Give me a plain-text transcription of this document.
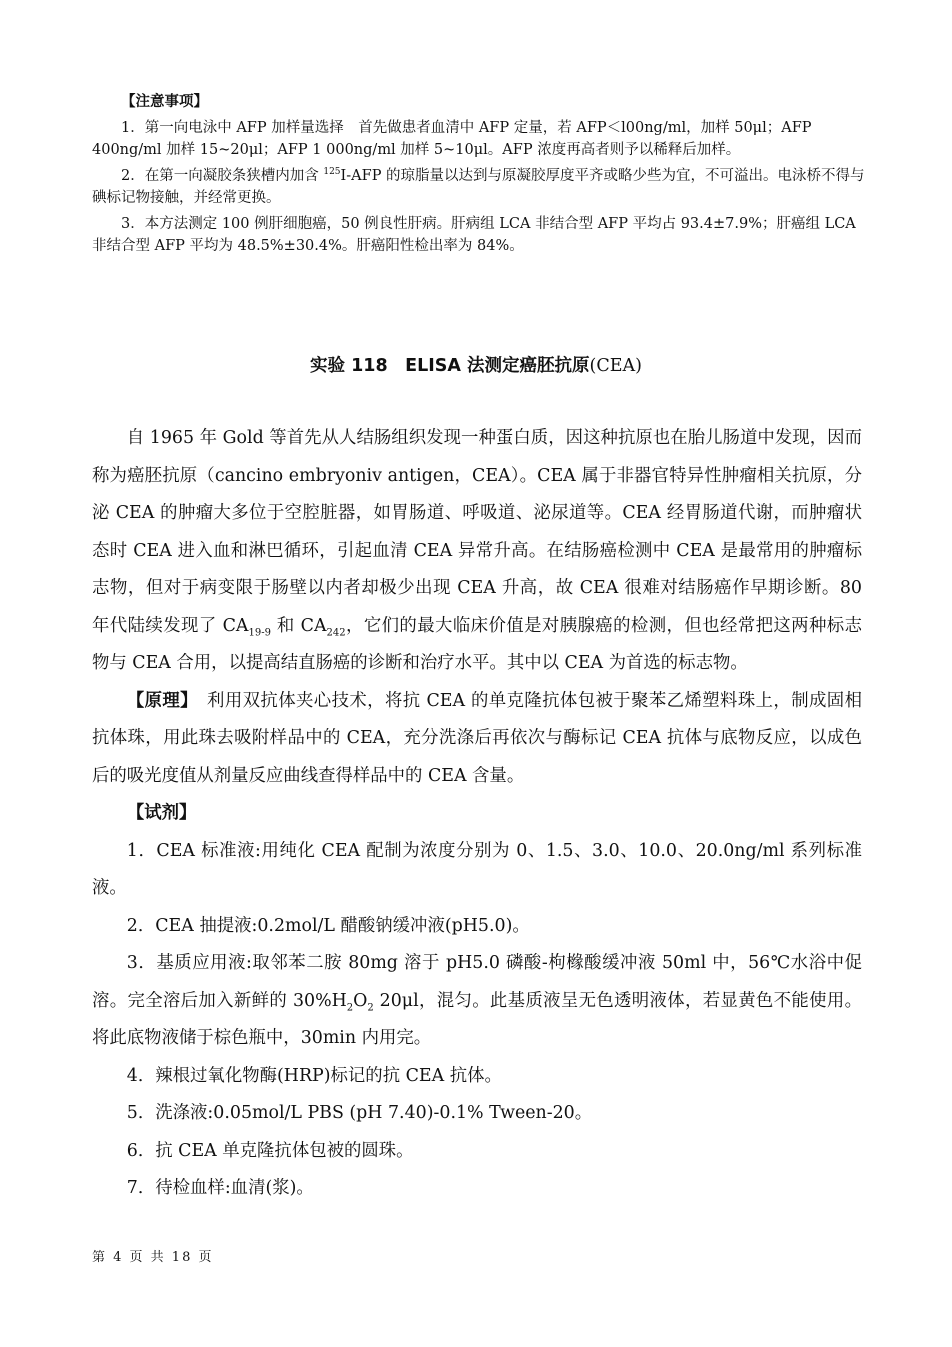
【注意事项】

1．第一向电泳中 AFP 加样量选择　首先做患者血清中 AFP 定量，若 AFP＜l00ng/ml，加样 50μl；AFP 400ng/ml 加样 15~20μl；AFP 1 000ng/ml 加样 5~10μl。AFP 浓度再高者则予以稀释后加样。

2．在第一向凝胶条狭槽内加含 $^{125}$I-AFP 的琼脂量以达到与原凝胶厚度平齐或略少些为宜，不可溢出。电泳桥不得与碘标记物接触，并经常更换。

3．本方法测定 100 例肝细胞癌，50 例良性肝病。肝病组 LCA 非结合型 AFP 平均占 93.4±7.9%；肝癌组 LCA 非结合型 AFP 平均为 48.5%±30.4%。肝癌阳性检出率为 84%。

实验 118　ELISA 法测定癌胚抗原(CEA)

自 1965 年 Gold 等首先从人结肠组织发现一种蛋白质，因这种抗原也在胎儿肠道中发现，因而称为癌胚抗原（cancino embryoniv antigen，CEA）。CEA 属于非器官特异性肿瘤相关抗原，分泌 CEA 的肿瘤大多位于空腔脏器，如胃肠道、呼吸道、泌尿道等。CEA 经胃肠道代谢，而肿瘤状态时 CEA 进入血和淋巴循环，引起血清 CEA 异常升高。在结肠癌检测中 CEA 是最常用的肿瘤标志物，但对于病变限于肠壁以内者却极少出现 CEA 升高，故 CEA 很难对结肠癌作早期诊断。80 年代陆续发现了 $CA_{19-9}$ 和 $CA_{242}$，它们的最大临床价值是对胰腺癌的检测，但也经常把这两种标志物与 CEA 合用，以提高结直肠癌的诊断和治疗水平。其中以 CEA 为首选的标志物。

【原理】　利用双抗体夹心技术，将抗 CEA 的单克隆抗体包被于聚苯乙烯塑料珠上，制成固相抗体珠，用此珠去吸附样品中的 CEA，充分洗涤后再依次与酶标记 CEA 抗体与底物反应，以成色后的吸光度值从剂量反应曲线查得样品中的 CEA 含量。

【试剂】

1．CEA 标准液:用纯化 CEA 配制为浓度分别为 0、1.5、3.0、10.0、20.0ng/ml 系列标准液。

2．CEA 抽提液:0.2mol/L 醋酸钠缓冲液(pH5.0)。

3．基质应用液:取邻苯二胺 80mg 溶于 pH5.0 磷酸-枸橼酸缓冲液 50ml 中，56℃水浴中促溶。完全溶后加入新鲜的 $30\%H_2O_2$ 20μl，混匀。此基质液呈无色透明液体，若显黄色不能使用。将此底物液储于棕色瓶中，30min 内用完。

4．辣根过氧化物酶(HRP)标记的抗 CEA 抗体。

5．洗涤液:0.05mol/L PBS (pH 7.40)-0.1% Tween-20。

6．抗 CEA 单克隆抗体包被的圆珠。

7．待检血样:血清(浆)。

第 4 页 共 18 页
